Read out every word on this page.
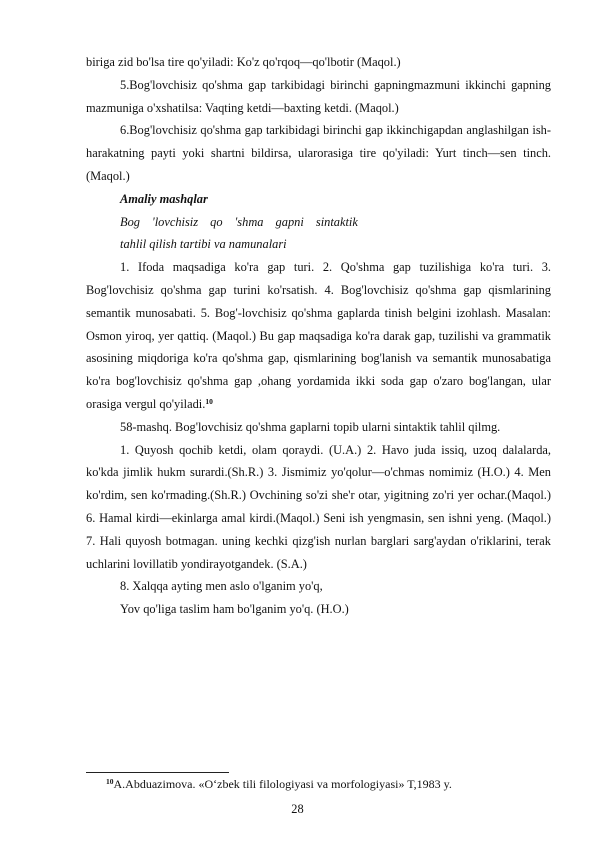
biriga zid bo'lsa tire qo'yiladi: Ko'z qo'rqoq—qo'lbotir (Maqol.)

5.Bog'lovchisiz qo'shma gap tarkibidagi birinchi gapningmazmuni ikkinchi gapning mazmuniga o'xshatilsa: Vaqting ketdi—baxting ketdi. (Maqol.)

6.Bog'lovchisiz qo'shma gap tarkibidagi birinchi gap ikkinchigapdan anglashilgan ish-harakatning payti yoki shartni bildirsa, ularorasiga tire qo'yiladi: Yurt tinch—sen tinch. (Maqol.)

Amaliy mashqlar

Bog 'lovchisiz qo 'shma gapni sintaktik

tahlil qilish tartibi va namunalari

1. Ifoda maqsadiga ko'ra gap turi. 2. Qo'shma gap tuzilishiga ko'ra turi. 3. Bog'lovchisiz qo'shma gap turini ko'rsatish. 4. Bog'lovchisiz qo'shma gap qismlarining semantik munosabati. 5. Bog'-lovchisiz qo'shma gaplarda tinish belgini izohlash. Masalan: Osmon yiroq, yer qattiq. (Maqol.) Bu gap maqsadiga ko'ra darak gap, tuzilishi va grammatik asosining miqdoriga ko'ra qo'shma gap, qismlarining bog'lanish va semantik munosabatiga ko'ra bog'lovchisiz qo'shma gap ,ohang yordamida ikki soda gap o'zaro bog'langan, ular orasiga vergul qo'yiladi.$^{10}$

58-mashq. Bog'lovchisiz qo'shma gaplarni topib ularni sintaktik tahlil qilmg.

1. Quyosh qochib ketdi, olam qoraydi. (U.A.) 2. Havo juda issiq, uzoq dalalarda, ko'kda jimlik hukm surardi.(Sh.R.) 3. Jismimiz yo'qolur—o'chmas nomimiz (H.O.) 4. Men ko'rdim, sen ko'rmading.(Sh.R.) Ovchining so'zi she'r otar, yigitning zo'ri yer ochar.(Maqol.) 6. Hamal kirdi—ekinlarga amal kirdi.(Maqol.) Seni ish yengmasin, sen ishni yeng. (Maqol.) 7. Hali quyosh botmagan. uning kechki qizg'ish nurlan barglari sarg'aydan o'riklarini, terak uchlarini lovillatib yondirayotgandek. (S.A.)

8. Xalqqa ayting men aslo o'lganim yo'q,

Yov qo'liga taslim ham bo'lganim yo'q. (H.O.)

$^{10}$A.Abduazimova. «O‘zbek tili filologiyasi va morfologiyasi» T,1983 y.
28
